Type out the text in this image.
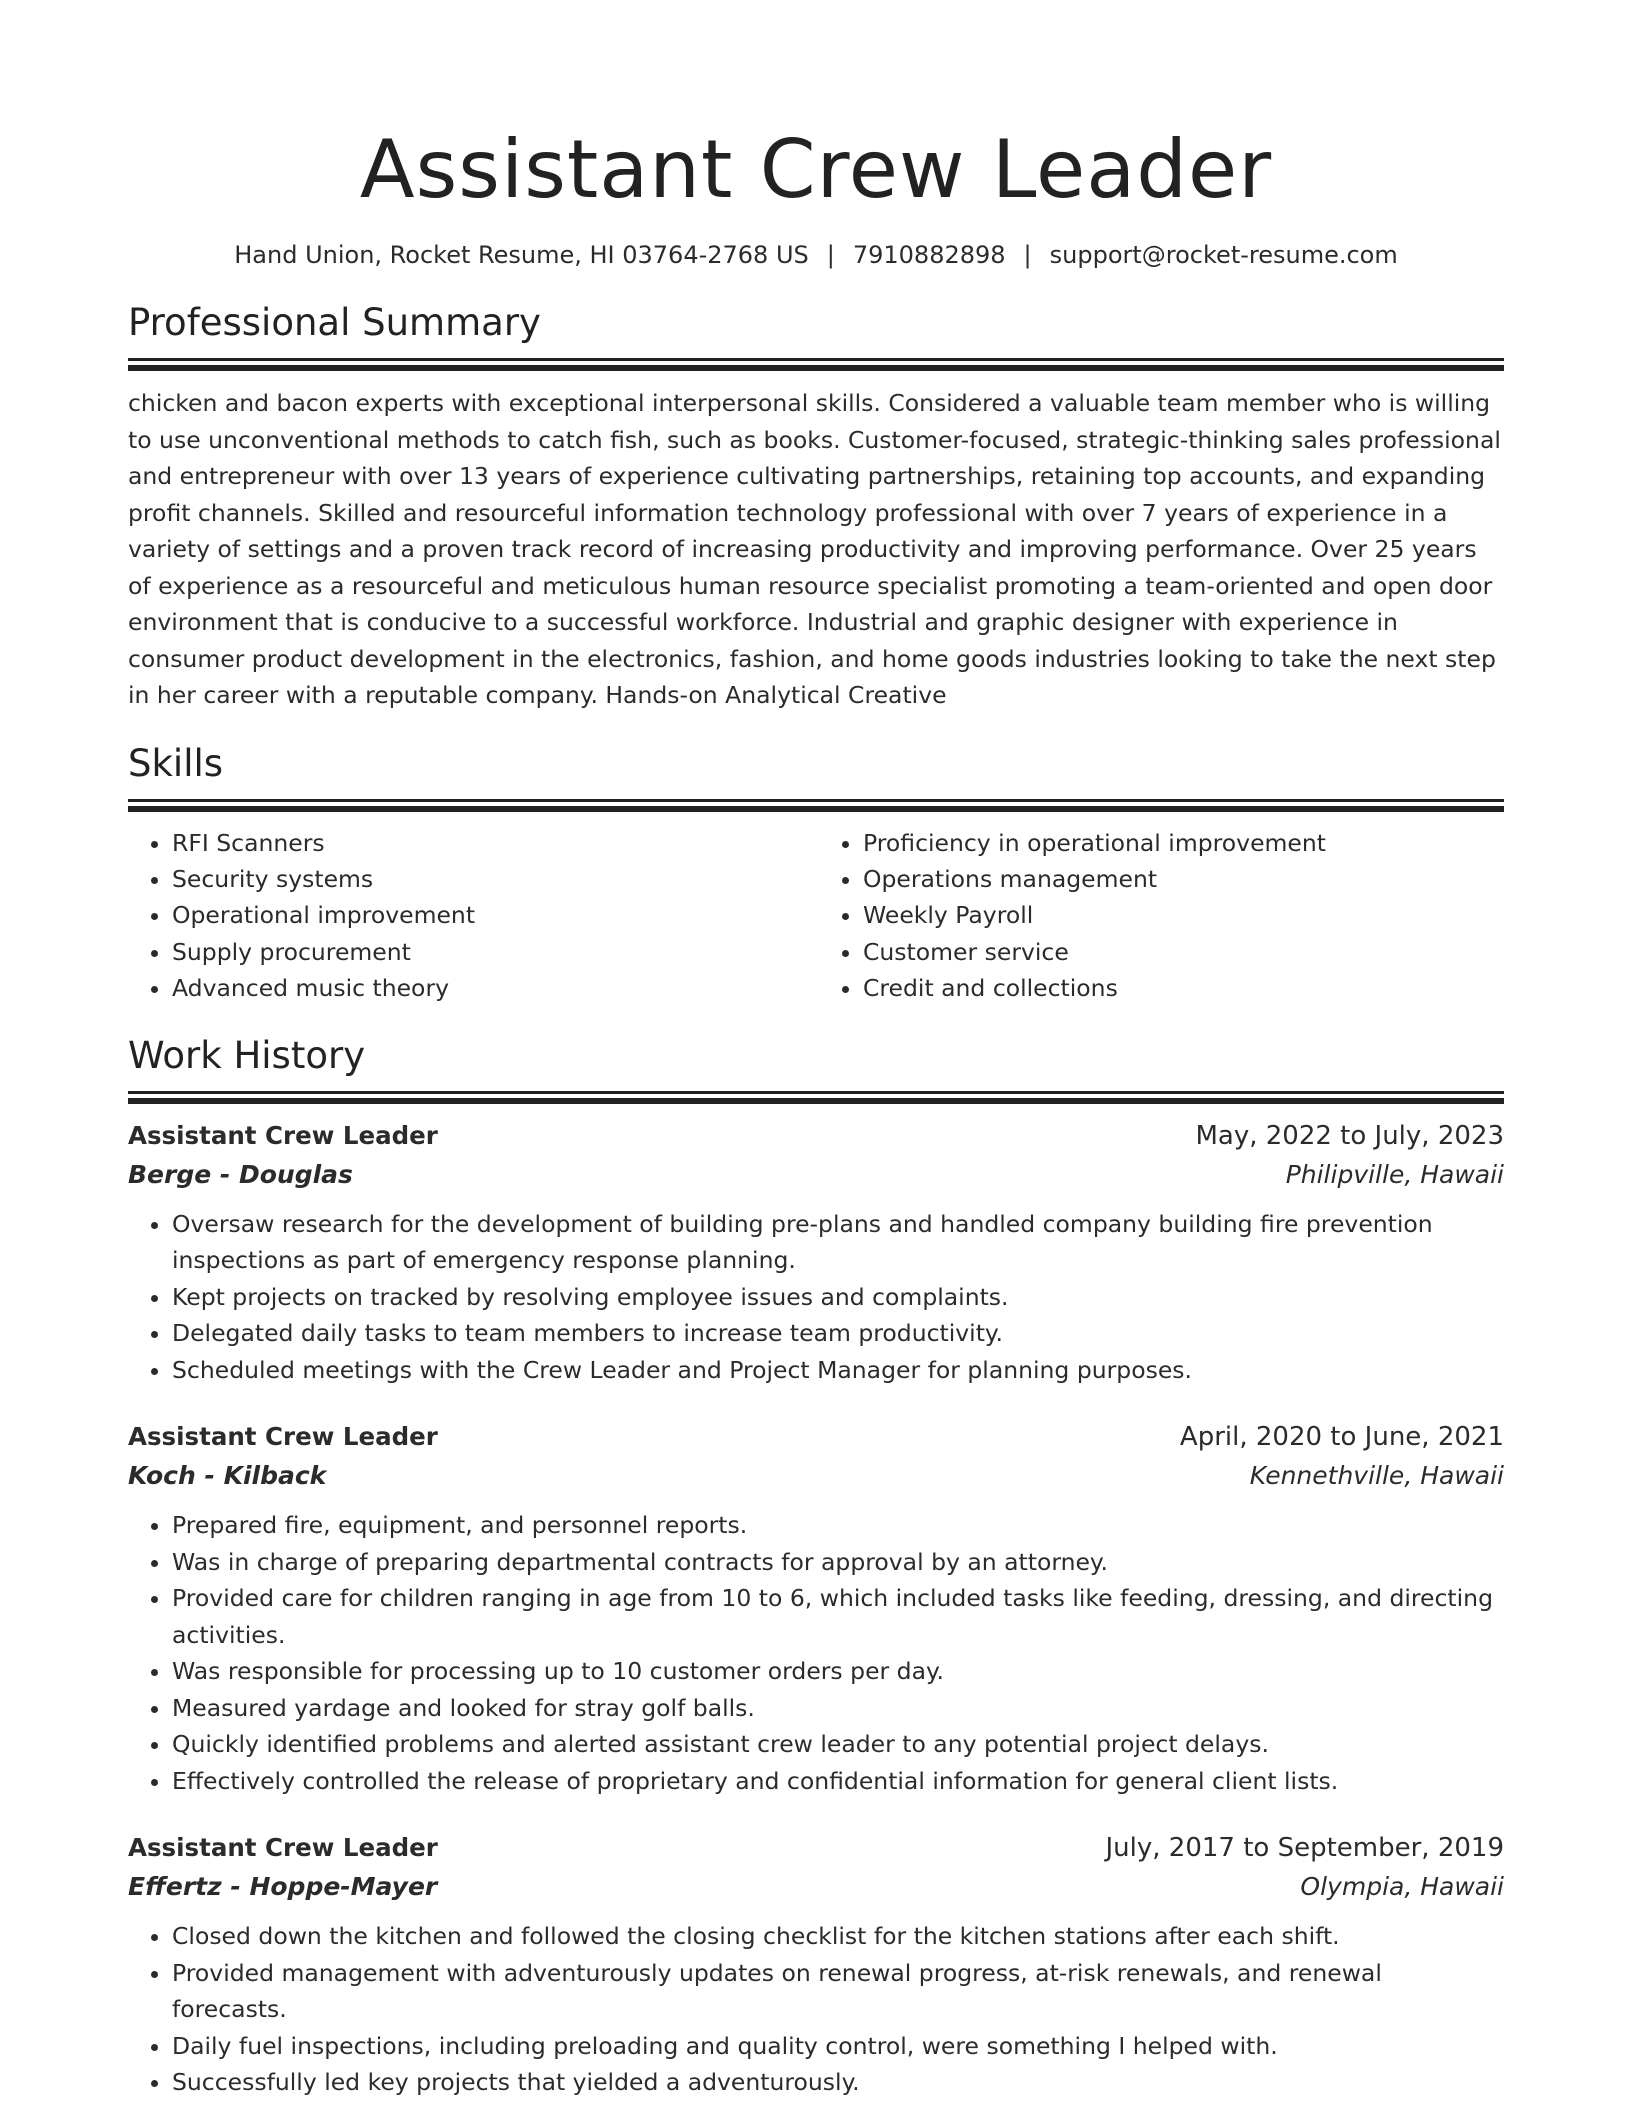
Assistant Crew Leader
Hand Union, Rocket Resume, HI 03764-2768 US | 7910882898 | support@rocket-resume.com
Professional Summary
chicken and bacon experts with exceptional interpersonal skills. Considered a valuable team member who is willing to use unconventional methods to catch fish, such as books. Customer-focused, strategic-thinking sales professional and entrepreneur with over 13 years of experience cultivating partnerships, retaining top accounts, and expanding profit channels. Skilled and resourceful information technology professional with over 7 years of experience in a variety of settings and a proven track record of increasing productivity and improving performance. Over 25 years of experience as a resourceful and meticulous human resource specialist promoting a team-oriented and open door environment that is conducive to a successful workforce. Industrial and graphic designer with experience in consumer product development in the electronics, fashion, and home goods industries looking to take the next step in her career with a reputable company. Hands-on Analytical Creative
Skills
• RFI Scanners
• Security systems
• Operational improvement
• Supply procurement
• Advanced music theory
• Proficiency in operational improvement
• Operations management
• Weekly Payroll
• Customer service
• Credit and collections
Work History
Assistant Crew Leader	May, 2022 to July, 2023
Berge - Douglas	Philipville, Hawaii
• Oversaw research for the development of building pre-plans and handled company building fire prevention inspections as part of emergency response planning.
• Kept projects on tracked by resolving employee issues and complaints.
• Delegated daily tasks to team members to increase team productivity.
• Scheduled meetings with the Crew Leader and Project Manager for planning purposes.
Assistant Crew Leader	April, 2020 to June, 2021
Koch - Kilback	Kennethville, Hawaii
• Prepared fire, equipment, and personnel reports.
• Was in charge of preparing departmental contracts for approval by an attorney.
• Provided care for children ranging in age from 10 to 6, which included tasks like feeding, dressing, and directing activities.
• Was responsible for processing up to 10 customer orders per day.
• Measured yardage and looked for stray golf balls.
• Quickly identified problems and alerted assistant crew leader to any potential project delays.
• Effectively controlled the release of proprietary and confidential information for general client lists.
Assistant Crew Leader	July, 2017 to September, 2019
Effertz - Hoppe-Mayer	Olympia, Hawaii
• Closed down the kitchen and followed the closing checklist for the kitchen stations after each shift.
• Provided management with adventurously updates on renewal progress, at-risk renewals, and renewal forecasts.
• Daily fuel inspections, including preloading and quality control, were something I helped with.
• Successfully led key projects that yielded a adventurously.
